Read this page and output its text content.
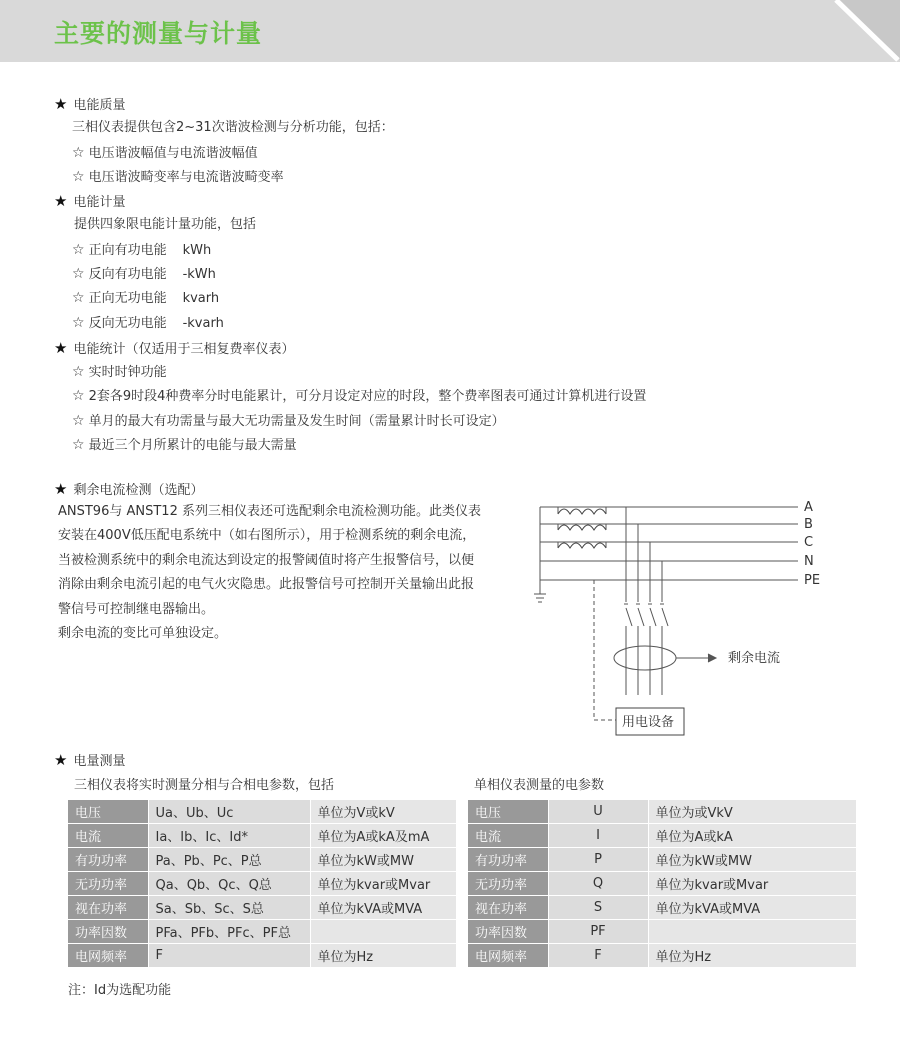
主要的测量与计量
★ 电能质量
三相仪表提供包含2~31次谐波检测与分析功能，包括：
☆ 电压谐波幅值与电流谐波幅值
☆ 电压谐波畸变率与电流谐波畸变率
★ 电能计量
提供四象限电能计量功能，包括
☆ 正向有功电能 kWh
☆ 反向有功电能 -kWh
☆ 正向无功电能 kvarh
☆ 反向无功电能 -kvarh
★ 电能统计（仅适用于三相复费率仪表）
☆ 实时时钟功能
☆ 2套各9时段4种费率分时电能累计，可分月设定对应的时段，整个费率图表可通过计算机进行设置
☆ 单月的最大有功需量与最大无功需量及发生时间（需量累计时长可设定）
☆ 最近三个月所累计的电能与最大需量
★ 剩余电流检测（选配）

ANST96与 ANST12 系列三相仪表还可选配剩余电流检测功能。此类仪表

安装在400V低压配电系统中（如右图所示），用于检测系统的剩余电流，

当被检测系统中的剩余电流达到设定的报警阈值时将产生报警信号，以便

消除由剩余电流引起的电气火灾隐患。此报警信号可控制开关量输出此报

警信号可控制继电器输出。

剩余电流的变比可单独设定。

剩余电流
用电设备
A
B
C
N
PE
★ 电量测量
三相仪表将实时测量分相与合相电参数，包括	单相仪表测量的电参数
电压	Ua、Ub、Uc	单位为V或kV
电流	Ia、Ib、Ic、Id*	单位为A或kA及mA
有功功率	Pa、Pb、Pc、P总	单位为kW或MW
无功功率	Qa、Qb、Qc、Q总	单位为kvar或Mvar
视在功率	Sa、Sb、Sc、S总	单位为kVA或MVA
功率因数	PFa、PFb、PFc、PF总	
电网频率	F	单位为Hz
电压	U	单位为或VkV
电流	I	单位为A或kA
有功功率	P	单位为kW或MW
无功功率	Q	单位为kvar或Mvar
视在功率	S	单位为kVA或MVA
功率因数	PF	
电网频率	F	单位为Hz
注：Id为选配功能
